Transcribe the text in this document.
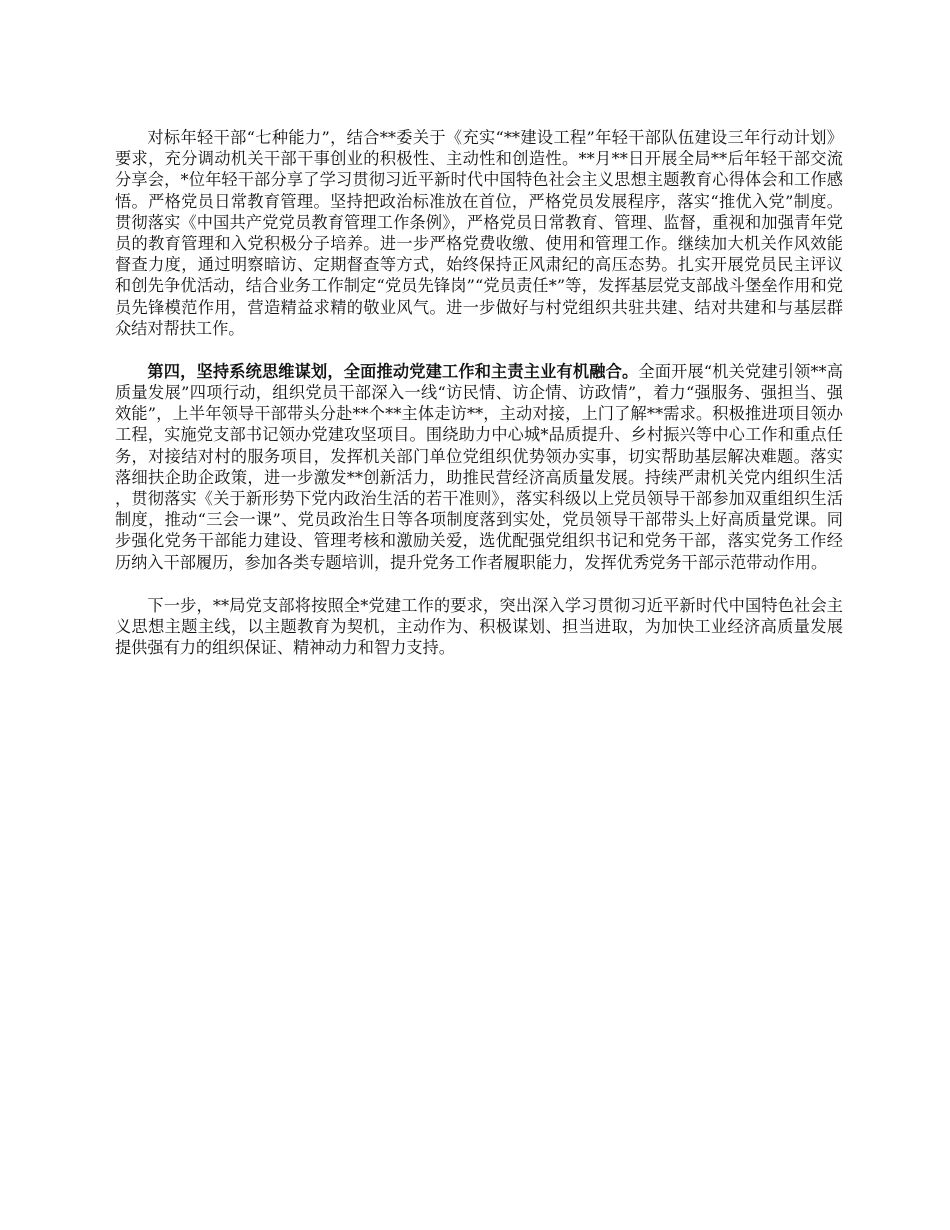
对标年轻干部“七种能力”，结合**委关于《充实“**建设工程”年轻干部队伍建设三年行动计划》要求，充分调动机关干部干事创业的积极性、主动性和创造性。**月**日开展全局**后年轻干部交流分享会，*位年轻干部分享了学习贯彻习近平新时代中国特色社会主义思想主题教育心得体会和工作感悟。严格党员日常教育管理。坚持把政治标准放在首位，严格党员发展程序，落实“推优入党”制度。贯彻落实《中国共产党党员教育管理工作条例》，严格党员日常教育、管理、监督，重视和加强青年党员的教育管理和入党积极分子培养。进一步严格党费收缴、使用和管理工作。继续加大机关作风效能督查力度，通过明察暗访、定期督查等方式，始终保持正风肃纪的高压态势。扎实开展党员民主评议和创先争优活动，结合业务工作制定“党员先锋岗”“党员责任*”等，发挥基层党支部战斗堡垒作用和党员先锋模范作用，营造精益求精的敬业风气。进一步做好与村党组织共驻共建、结对共建和与基层群众结对帮扶工作。

第四，坚持系统思维谋划，全面推动党建工作和主责主业有机融合。全面开展“机关党建引领**高质量发展”四项行动，组织党员干部深入一线“访民情、访企情、访政情”，着力“强服务、强担当、强效能”，上半年领导干部带头分赴**个**主体走访**，主动对接，上门了解**需求。积极推进项目领办工程，实施党支部书记领办党建攻坚项目。围绕助力中心城*品质提升、乡村振兴等中心工作和重点任务，对接结对村的服务项目，发挥机关部门单位党组织优势领办实事，切实帮助基层解决难题。落实落细扶企助企政策，进一步激发**创新活力，助推民营经济高质量发展。持续严肃机关党内组织生活，贯彻落实《关于新形势下党内政治生活的若干准则》，落实科级以上党员领导干部参加双重组织生活制度，推动“三会一课”、党员政治生日等各项制度落到实处，党员领导干部带头上好高质量党课。同步强化党务干部能力建设、管理考核和激励关爱，选优配强党组织书记和党务干部，落实党务工作经历纳入干部履历，参加各类专题培训，提升党务工作者履职能力，发挥优秀党务干部示范带动作用。

下一步，**局党支部将按照全*党建工作的要求，突出深入学习贯彻习近平新时代中国特色社会主义思想主题主线，以主题教育为契机，主动作为、积极谋划、担当进取，为加快工业经济高质量发展提供强有力的组织保证、精神动力和智力支持。
